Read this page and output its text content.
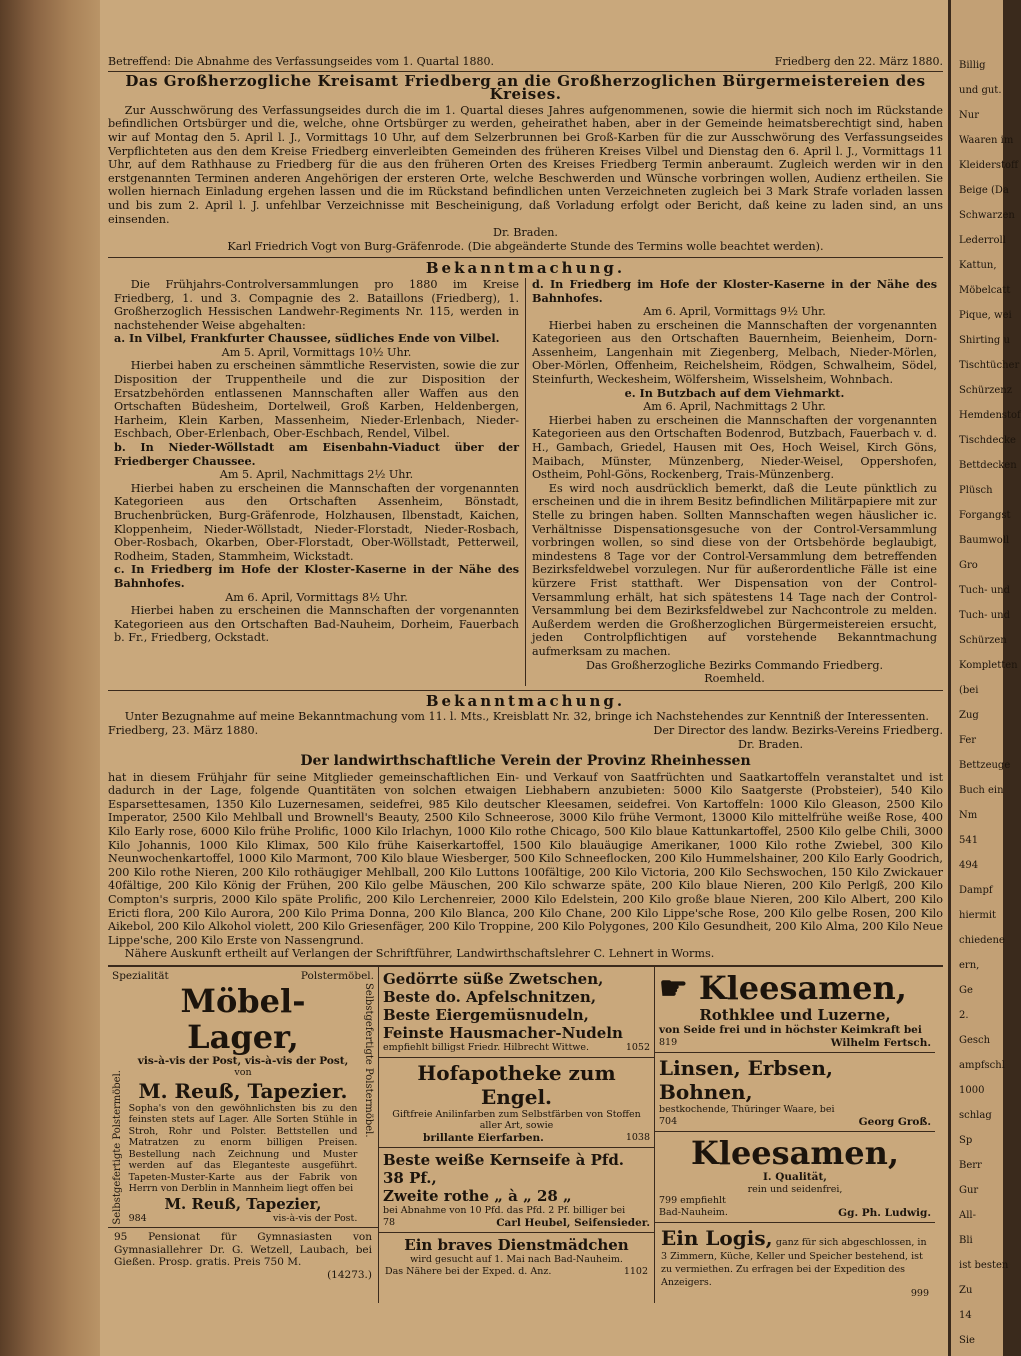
Betreffend: Die Abnahme des Verfassungseides vom 1. Quartal 1880.	Friedberg den 22. März 1880.
Das Großherzogliche Kreisamt Friedberg an die Großherzoglichen Bürgermeistereien des Kreises.

Zur Ausschwörung des Verfassungseides durch die im 1. Quartal dieses Jahres aufgenommenen, sowie die hiermit sich noch im Rückstande befindlichen Ortsbürger und die, welche, ohne Ortsbürger zu werden, geheirathet haben, aber in der Gemeinde heimatsberechtigt sind, haben wir auf Montag den 5. April l. J., Vormittags 10 Uhr, auf dem Selzerbrunnen bei Groß-Karben für die zur Ausschwörung des Verfassungseides Verpflichteten aus den dem Kreise Friedberg einverleibten Gemeinden des früheren Kreises Vilbel und Dienstag den 6. April l. J., Vormittags 11 Uhr, auf dem Rathhause zu Friedberg für die aus den früheren Orten des Kreises Friedberg Termin anberaumt. Zugleich werden wir in den erstgenannten Terminen anderen Angehörigen der ersteren Orte, welche Beschwerden und Wünsche vorbringen wollen, Audienz ertheilen. Sie wollen hiernach Einladung ergehen lassen und die im Rückstand befindlichen unten Verzeichneten zugleich bei 3 Mark Strafe vorladen lassen und bis zum 2. April l. J. unfehlbar Verzeichnisse mit Bescheinigung, daß Vorladung erfolgt oder Bericht, daß keine zu laden sind, an uns einsenden.

Dr. Braden.
Karl Friedrich Vogt von Burg-Gräfenrode. (Die abgeänderte Stunde des Termins wolle beachtet werden).
Bekanntmachung.

Die Frühjahrs-Controlversammlungen pro 1880 im Kreise Friedberg, 1. und 3. Compagnie des 2. Bataillons (Friedberg), 1. Großherzoglich Hessischen Landwehr-Regiments Nr. 115, werden in nachstehender Weise abgehalten:

a. In Vilbel, Frankfurter Chaussee, südliches Ende von Vilbel.

Am 5. April, Vormittags 10½ Uhr.

Hierbei haben zu erscheinen sämmtliche Reservisten, sowie die zur Disposition der Truppentheile und die zur Disposition der Ersatzbehörden entlassenen Mannschaften aller Waffen aus den Ortschaften Büdesheim, Dortelweil, Groß Karben, Heldenbergen, Harheim, Klein Karben, Massenheim, Nieder-Erlenbach, Nieder-Eschbach, Ober-Erlenbach, Ober-Eschbach, Rendel, Vilbel.

b. In Nieder-Wöllstadt am Eisenbahn-Viaduct über der Friedberger Chaussee.

Am 5. April, Nachmittags 2½ Uhr.

Hierbei haben zu erscheinen die Mannschaften der vorgenannten Kategorieen aus den Ortschaften Assenheim, Bönstadt, Bruchenbrücken, Burg-Gräfenrode, Holzhausen, Ilbenstadt, Kaichen, Kloppenheim, Nieder-Wöllstadt, Nieder-Florstadt, Nieder-Rosbach, Ober-Rosbach, Okarben, Ober-Florstadt, Ober-Wöllstadt, Petterweil, Rodheim, Staden, Stammheim, Wickstadt.

c. In Friedberg im Hofe der Kloster-Kaserne in der Nähe des Bahnhofes.

Am 6. April, Vormittags 8½ Uhr.

Hierbei haben zu erscheinen die Mannschaften der vorgenannten Kategorieen aus den Ortschaften Bad-Nauheim, Dorheim, Fauerbach b. Fr., Friedberg, Ockstadt.

d. In Friedberg im Hofe der Kloster-Kaserne in der Nähe des Bahnhofes.

Am 6. April, Vormittags 9½ Uhr.

Hierbei haben zu erscheinen die Mannschaften der vorgenannten Kategorieen aus den Ortschaften Bauernheim, Beienheim, Dorn-Assenheim, Langenhain mit Ziegenberg, Melbach, Nieder-Mörlen, Ober-Mörlen, Offenheim, Reichelsheim, Rödgen, Schwalheim, Södel, Steinfurth, Weckesheim, Wölfersheim, Wisselsheim, Wohnbach.

e. In Butzbach auf dem Viehmarkt.

Am 6. April, Nachmittags 2 Uhr.

Hierbei haben zu erscheinen die Mannschaften der vorgenannten Kategorieen aus den Ortschaften Bodenrod, Butzbach, Fauerbach v. d. H., Gambach, Griedel, Hausen mit Oes, Hoch Weisel, Kirch Göns, Maibach, Münster, Münzenberg, Nieder-Weisel, Oppershofen, Ostheim, Pohl-Göns, Rockenberg, Trais-Münzenberg.

Es wird noch ausdrücklich bemerkt, daß die Leute pünktlich zu erscheinen und die in ihrem Besitz befindlichen Militärpapiere mit zur Stelle zu bringen haben. Sollten Mannschaften wegen häuslicher ic. Verhältnisse Dispensationsgesuche von der Control-Versammlung vorbringen wollen, so sind diese von der Ortsbehörde beglaubigt, mindestens 8 Tage vor der Control-Versammlung dem betreffenden Bezirksfeldwebel vorzulegen. Nur für außerordentliche Fälle ist eine kürzere Frist statthaft. Wer Dispensation von der Control-Versammlung erhält, hat sich spätestens 14 Tage nach der Control-Versammlung bei dem Bezirksfeldwebel zur Nachcontrole zu melden. Außerdem werden die Großherzoglichen Bürgermeistereien ersucht, jeden Controlpflichtigen auf vorstehende Bekanntmachung aufmerksam zu machen.

Das Großherzogliche Bezirks Commando Friedberg.

Roemheld.

Bekanntmachung.

Unter Bezugnahme auf meine Bekanntmachung vom 11. l. Mts., Kreisblatt Nr. 32, bringe ich Nachstehendes zur Kenntniß der Interessenten.

Friedberg, 23. März 1880.	Der Director des landw. Bezirks-Vereins Friedberg.
Dr. Braden.
Der landwirthschaftliche Verein der Provinz Rheinhessen

hat in diesem Frühjahr für seine Mitglieder gemeinschaftlichen Ein- und Verkauf von Saatfrüchten und Saatkartoffeln veranstaltet und ist dadurch in der Lage, folgende Quantitäten von solchen etwaigen Liebhabern anzubieten: 5000 Kilo Saatgerste (Probsteier), 540 Kilo Esparsettesamen, 1350 Kilo Luzernesamen, seidefrei, 985 Kilo deutscher Kleesamen, seidefrei. Von Kartoffeln: 1000 Kilo Gleason, 2500 Kilo Imperator, 2500 Kilo Mehlball und Brownell's Beauty, 2500 Kilo Schneerose, 3000 Kilo frühe Vermont, 13000 Kilo mittelfrühe weiße Rose, 400 Kilo Early rose, 6000 Kilo frühe Prolific, 1000 Kilo Irlachyn, 1000 Kilo rothe Chicago, 500 Kilo blaue Kattunkartoffel, 2500 Kilo gelbe Chili, 3000 Kilo Johannis, 1000 Kilo Klimax, 500 Kilo frühe Kaiserkartoffel, 1500 Kilo blauäugige Amerikaner, 1000 Kilo rothe Zwiebel, 300 Kilo Neunwochenkartoffel, 1000 Kilo Marmont, 700 Kilo blaue Wiesberger, 500 Kilo Schneeflocken, 200 Kilo Hummelshainer, 200 Kilo Early Goodrich, 200 Kilo rothe Nieren, 200 Kilo rothäugiger Mehlball, 200 Kilo Luttons 100fältige, 200 Kilo Victoria, 200 Kilo Sechswochen, 150 Kilo Zwickauer 40fältige, 200 Kilo König der Frühen, 200 Kilo gelbe Mäuschen, 200 Kilo schwarze späte, 200 Kilo blaue Nieren, 200 Kilo Perlgß, 200 Kilo Compton's surpris, 2000 Kilo späte Prolific, 200 Kilo Lerchenreier, 2000 Kilo Edelstein, 200 Kilo große blaue Nieren, 200 Kilo Albert, 200 Kilo Ericti flora, 200 Kilo Aurora, 200 Kilo Prima Donna, 200 Kilo Blanca, 200 Kilo Chane, 200 Kilo Lippe'sche Rose, 200 Kilo gelbe Rosen, 200 Kilo Aikebol, 200 Kilo Alkohol violett, 200 Kilo Griesenfäger, 200 Kilo Troppine, 200 Kilo Polygones, 200 Kilo Gesundheit, 200 Kilo Alma, 200 Kilo Neue Lippe'sche, 200 Kilo Erste von Nassengrund.

Nähere Auskunft ertheilt auf Verlangen der Schriftführer, Landwirthschaftslehrer C. Lehnert in Worms.

Spezialität	Polstermöbel.
Selbstgefertigte Polstermöbel.
Möbel-Lager,
vis-à-vis der Post, vis-à-vis der Post,
von
M. Reuß, Tapezier.

Sopha's von den gewöhnlichsten bis zu den feinsten stets auf Lager. Alle Sorten Stühle in Stroh, Rohr und Polster. Bettstellen und Matratzen zu enorm billigen Preisen. Bestellung nach Zeichnung und Muster werden auf das Eleganteste ausgeführt. Tapeten-Muster-Karte aus der Fabrik von Herrn von Derblin in Mannheim liegt offen bei

M. Reuß, Tapezier,
984	vis-à-vis der Post.
Selbstgefertigte Polstermöbel.

95 Pensionat für Gymnasiasten von Gymnasiallehrer Dr. G. Wetzell, Laubach, bei Gießen. Prosp. gratis. Preis 750 M.

(14273.)
Gedörrte süße Zwetschen,
Beste do. Apfelschnitzen,
Beste Eiergemüsnudeln,
Feinste Hausmacher-Nudeln
empfiehlt billigst Friedr. Hilbrecht Wittwe.	1052
Hofapotheke zum Engel.

Giftfreie Anilinfarben zum Selbstfärben von Stoffen aller Art, sowie

brillante Eierfarben.	1038
Beste weiße Kernseife à Pfd. 38 Pf.,
Zweite rothe „ à „ 28 „
bei Abnahme von 10 Pfd. das Pfd. 2 Pf. billiger bei
78	Carl Heubel, Seifensieder.
Ein braves Dienstmädchen
wird gesucht auf 1. Mai nach Bad-Nauheim.
Das Nähere bei der Exped. d. Anz.	1102
☛ Kleesamen,
Rothklee und Luzerne,
von Seide frei und in höchster Keimkraft bei
819	Wilhelm Fertsch.
Linsen, Erbsen, Bohnen,
bestkochende, Thüringer Waare, bei
704	Georg Groß.
Kleesamen,
I. Qualität,
rein und seidenfrei,
799 empfiehlt
Bad-Nauheim.	Gg. Ph. Ludwig.
Ein Logis, ganz für sich abgeschlossen, in 3 Zimmern, Küche, Keller und Speicher bestehend, ist zu vermiethen. Zu erfragen bei der Expedition des Anzeigers.
999
Billig
und gut.
Nur
Waaren im
Kleiderstoff
Beige (Da
Schwarzen
Lederroll
Kattun,
Möbelcatt
Pique, wei
Shirting u
Tischtücher
Schürzenz
Hemdenstof
Tischdecke
Bettdecken
Plüsch
Forgangst
Baumwoll
Gro
Tuch- und
Tuch- und
Schürzen
Kompletten
(bei
Zug
Fer
Bettzeuge
Buch ein
Nm
541
494
Dampf
hiermit
chiedene
ern,
Ge
2.
Gesch
ampfschl
1000
schlag
Sp
Berr
Gur
All-
Bli
ist besten
Zu
14
Sie
